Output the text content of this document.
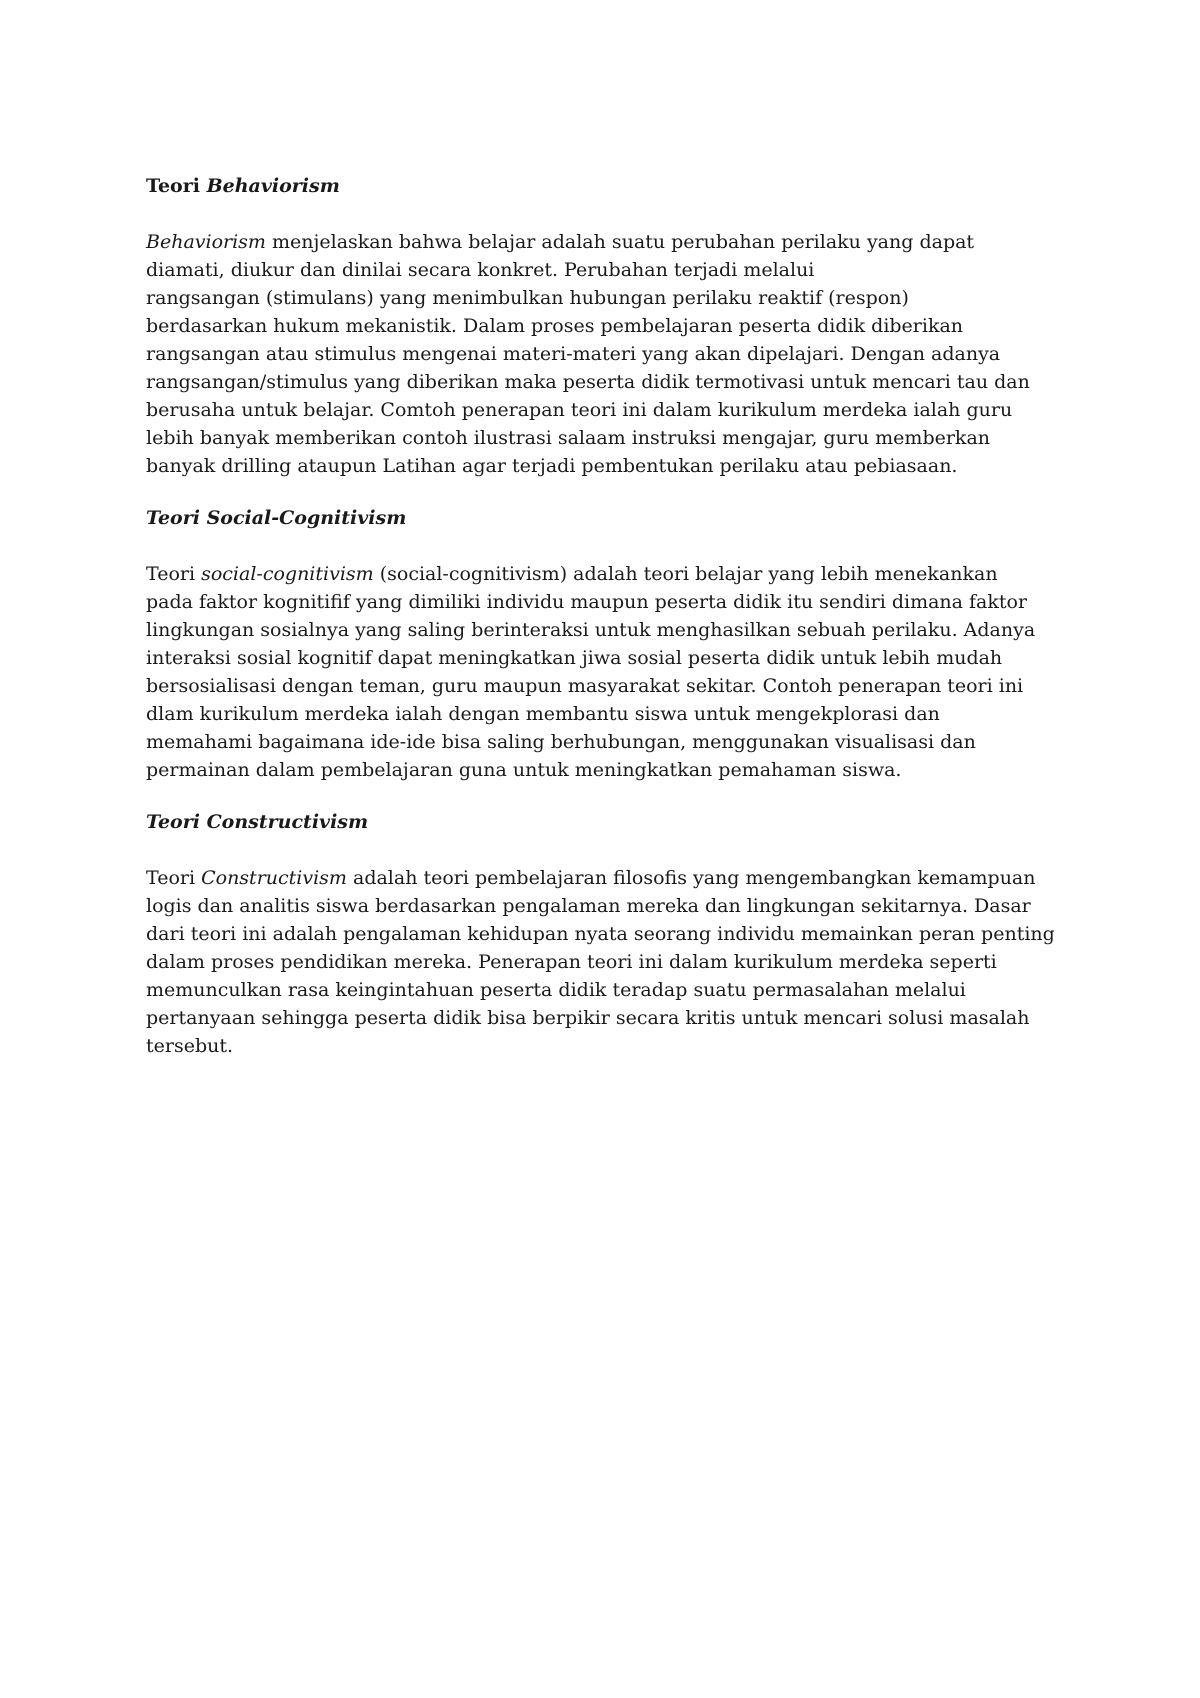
Teori Behaviorism

Behaviorism menjelaskan bahwa belajar adalah suatu perubahan perilaku yang dapat
diamati, diukur dan dinilai secara konkret. Perubahan terjadi melalui
rangsangan (stimulans) yang menimbulkan hubungan perilaku reaktif (respon)
berdasarkan hukum mekanistik. Dalam proses pembelajaran peserta didik diberikan
rangsangan atau stimulus mengenai materi-materi yang akan dipelajari. Dengan adanya
rangsangan/stimulus yang diberikan maka peserta didik termotivasi untuk mencari tau dan
berusaha untuk belajar. Comtoh penerapan teori ini dalam kurikulum merdeka ialah guru
lebih banyak memberikan contoh ilustrasi salaam instruksi mengajar, guru memberkan
banyak drilling ataupun Latihan agar terjadi pembentukan perilaku atau pebiasaan.

Teori Social-Cognitivism

Teori social-cognitivism (social-cognitivism) adalah teori belajar yang lebih menekankan
pada faktor kognitifif yang dimiliki individu maupun peserta didik itu sendiri dimana faktor
lingkungan sosialnya yang saling berinteraksi untuk menghasilkan sebuah perilaku. Adanya
interaksi sosial kognitif dapat meningkatkan jiwa sosial peserta didik untuk lebih mudah
bersosialisasi dengan teman, guru maupun masyarakat sekitar. Contoh penerapan teori ini
dlam kurikulum merdeka ialah dengan membantu siswa untuk mengekplorasi dan
memahami bagaimana ide-ide bisa saling berhubungan, menggunakan visualisasi dan
permainan dalam pembelajaran guna untuk meningkatkan pemahaman siswa.

Teori Constructivism

Teori Constructivism adalah teori pembelajaran filosofis yang mengembangkan kemampuan
logis dan analitis siswa berdasarkan pengalaman mereka dan lingkungan sekitarnya. Dasar
dari teori ini adalah pengalaman kehidupan nyata seorang individu memainkan peran penting
dalam proses pendidikan mereka. Penerapan teori ini dalam kurikulum merdeka seperti
memunculkan rasa keingintahuan peserta didik teradap suatu permasalahan melalui
pertanyaan sehingga peserta didik bisa berpikir secara kritis untuk mencari solusi masalah
tersebut.
